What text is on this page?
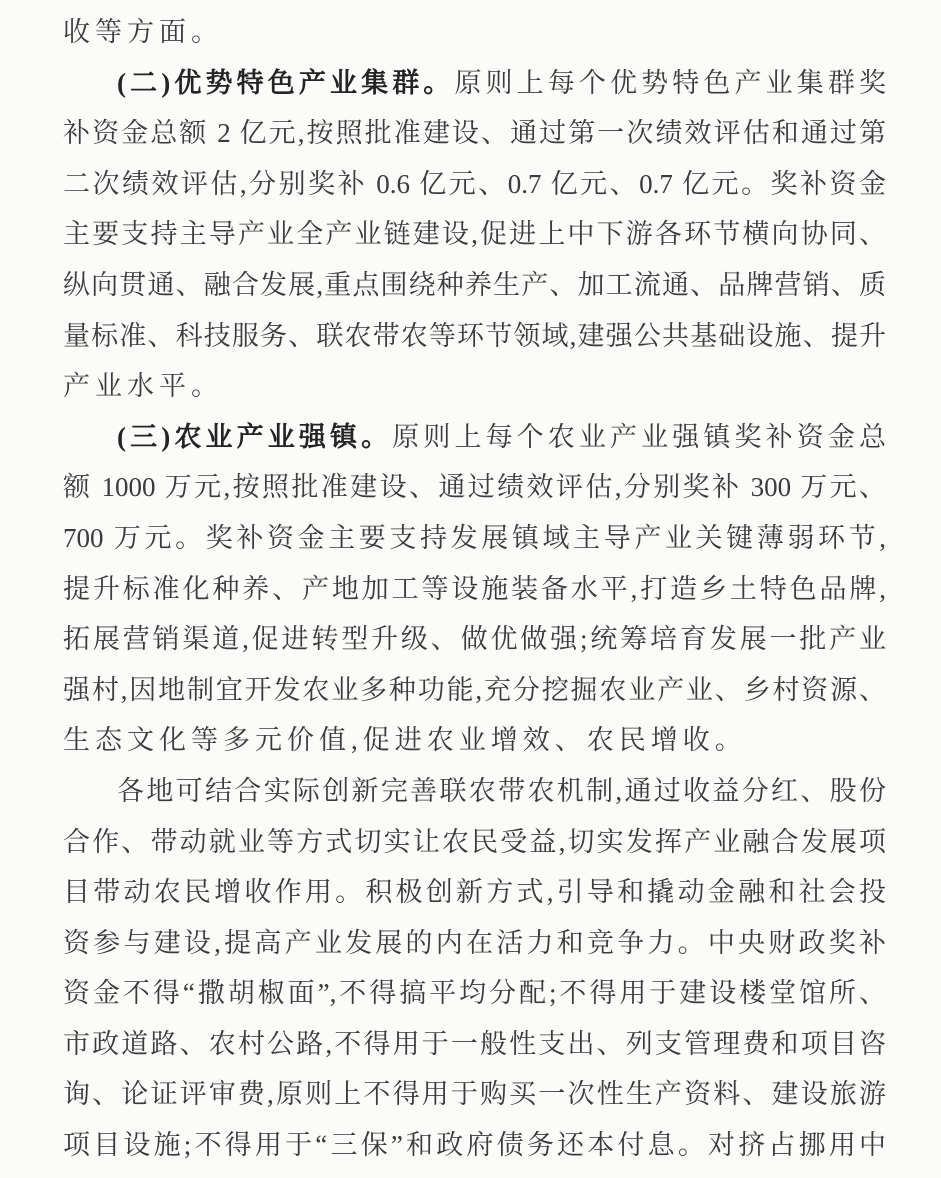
收等方面。
(二)优势特色产业集群。原则上每个优势特色产业集群奖
补资金总额 2 亿元,按照批准建设、通过第一次绩效评估和通过第
二次绩效评估,分别奖补 0.6 亿元、0.7 亿元、0.7 亿元。奖补资金
主要支持主导产业全产业链建设,促进上中下游各环节横向协同、
纵向贯通、融合发展,重点围绕种养生产、加工流通、品牌营销、质
量标准、科技服务、联农带农等环节领域,建强公共基础设施、提升
产业水平。
(三)农业产业强镇。原则上每个农业产业强镇奖补资金总
额 1000 万元,按照批准建设、通过绩效评估,分别奖补 300 万元、
700 万元。奖补资金主要支持发展镇域主导产业关键薄弱环节,
提升标准化种养、产地加工等设施装备水平,打造乡土特色品牌,
拓展营销渠道,促进转型升级、做优做强;统筹培育发展一批产业
强村,因地制宜开发农业多种功能,充分挖掘农业产业、乡村资源、
生态文化等多元价值,促进农业增效、农民增收。
各地可结合实际创新完善联农带农机制,通过收益分红、股份
合作、带动就业等方式切实让农民受益,切实发挥产业融合发展项
目带动农民增收作用。积极创新方式,引导和撬动金融和社会投
资参与建设,提高产业发展的内在活力和竞争力。中央财政奖补
资金不得“撒胡椒面”,不得搞平均分配;不得用于建设楼堂馆所、
市政道路、农村公路,不得用于一般性支出、列支管理费和项目咨
询、论证评审费,原则上不得用于购买一次性生产资料、建设旅游
项目设施;不得用于“三保”和政府债务还本付息。对挤占挪用中
